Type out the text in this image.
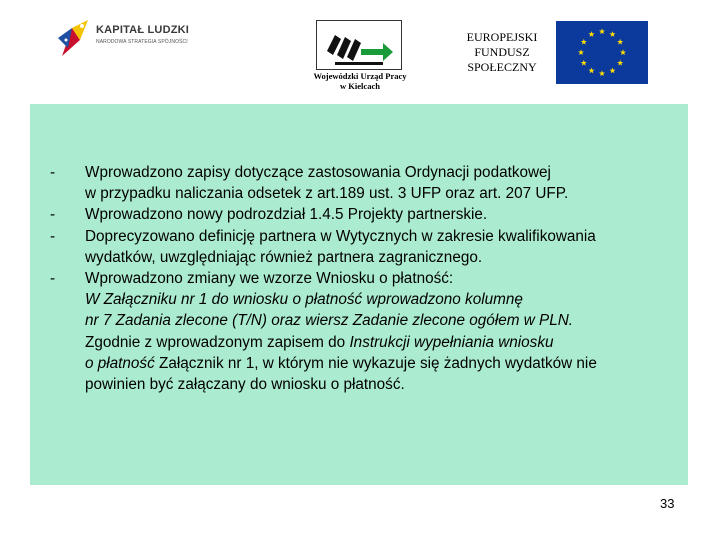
KAPITAŁ LUDZKI
NARODOWA STRATEGIA SPÓJNOŚCI
Wojewódzki Urząd Pracy
w Kielcach
EUROPEJSKI
FUNDUSZ
SPOŁECZNY
-	Wprowadzono zapisy dotyczące zastosowania Ordynacji podatkowej
w przypadku naliczania odsetek z art.189 ust. 3 UFP oraz art. 207 UFP.
-	Wprowadzono nowy podrozdział 1.4.5 Projekty partnerskie.
-	Doprecyzowano definicję partnera w Wytycznych w zakresie kwalifikowania
wydatków, uwzględniając również partnera zagranicznego.
-	Wprowadzono zmiany we wzorze Wniosku o płatność:
W Załączniku nr 1 do wniosku o płatność wprowadzono kolumnę
nr 7 Zadania zlecone (T/N) oraz wiersz Zadanie zlecone ogółem w PLN.
Zgodnie z wprowadzonym zapisem do Instrukcji wypełniania wniosku
o płatność Załącznik nr 1, w którym nie wykazuje się żadnych wydatków nie
powinien być załączany do wniosku o płatność.
33
